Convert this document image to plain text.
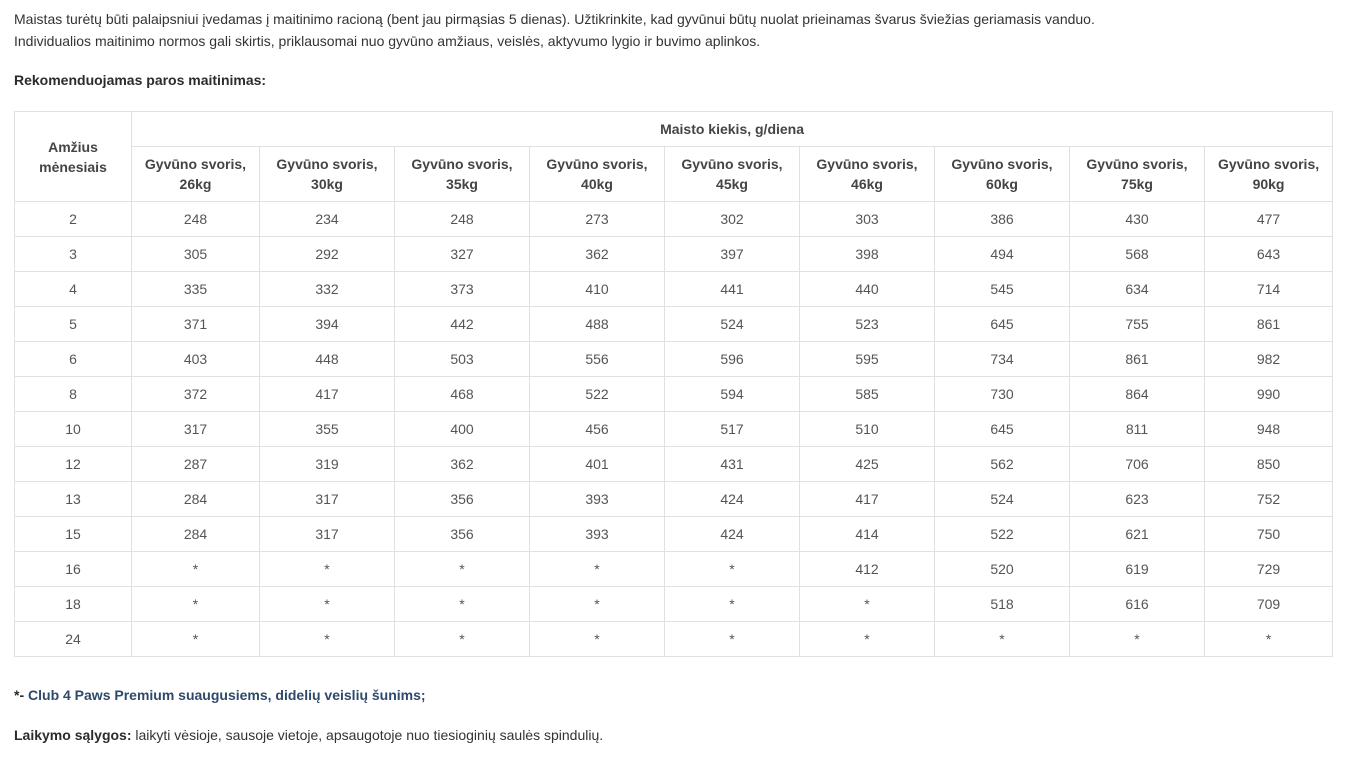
Maistas turėtų būti palaipsniui įvedamas į maitinimo racioną (bent jau pirmąsias 5 dienas). Užtikrinkite, kad gyvūnui būtų nuolat prieinamas švarus šviežias geriamasis vanduo.

Individualios maitinimo normos gali skirtis, priklausomai nuo gyvūno amžiaus, veislės, aktyvumo lygio ir buvimo aplinkos.

Rekomenduojamas paros maitinimas:
Amžius mėnesiais	Maisto kiekis, g/diena								
	Gyvūno svoris, 26kg	Gyvūno svoris, 30kg	Gyvūno svoris, 35kg	Gyvūno svoris, 40kg	Gyvūno svoris, 45kg	Gyvūno svoris, 46kg	Gyvūno svoris, 60kg	Gyvūno svoris, 75kg	Gyvūno svoris, 90kg
2	248	234	248	273	302	303	386	430	477
3	305	292	327	362	397	398	494	568	643
4	335	332	373	410	441	440	545	634	714
5	371	394	442	488	524	523	645	755	861
6	403	448	503	556	596	595	734	861	982
8	372	417	468	522	594	585	730	864	990
10	317	355	400	456	517	510	645	811	948
12	287	319	362	401	431	425	562	706	850
13	284	317	356	393	424	417	524	623	752
15	284	317	356	393	424	414	522	621	750
16	*	*	*	*	*	412	520	619	729
18	*	*	*	*	*	*	518	616	709
24	*	*	*	*	*	*	*	*	*
*- Club 4 Paws Premium suaugusiems, didelių veislių šunims;
Laikymo sąlygos: laikyti vėsioje, sausoje vietoje, apsaugotoje nuo tiesioginių saulės spindulių.
